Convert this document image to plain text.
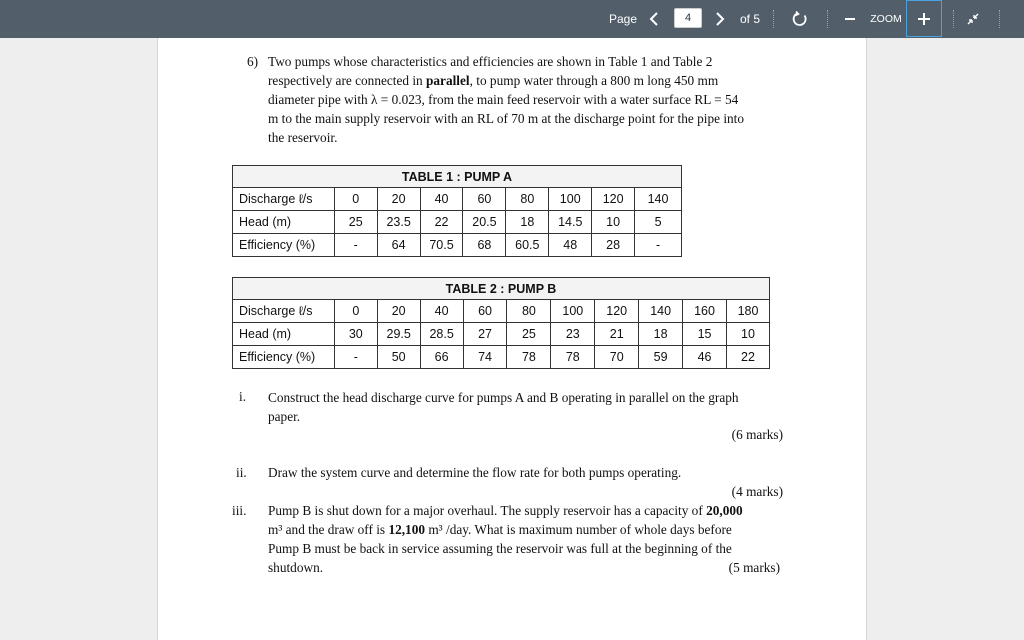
Page	4	of 5	ZOOM
6) Two pumps whose characteristics and efficiencies are shown in Table 1 and Table 2
respectively are connected in parallel, to pump water through a 800 m long 450 mm
diameter pipe with λ = 0.023, from the main feed reservoir with a water surface RL = 54
m to the main supply reservoir with an RL of 70 m at the discharge point for the pipe into
the reservoir.
TABLE 1 : PUMP A								
Discharge ℓ/s	0	20	40	60	80	100	120	140
Head (m)	25	23.5	22	20.5	18	14.5	10	5
Efficiency (%)	-	64	70.5	68	60.5	48	28	-
TABLE 2 : PUMP B										
Discharge ℓ/s	0	20	40	60	80	100	120	140	160	180
Head (m)	30	29.5	28.5	27	25	23	21	18	15	10
Efficiency (%)	-	50	66	74	78	78	70	59	46	22
i. Construct the head discharge curve for pumps A and B operating in parallel on the graph
paper.
(6 marks)
ii. Draw the system curve and determine the flow rate for both pumps operating.
(4 marks)
iii. Pump B is shut down for a major overhaul. The supply reservoir has a capacity of 20,000
m³ and the draw off is 12,100 m³ /day. What is maximum number of whole days before
Pump B must be back in service assuming the reservoir was full at the beginning of the
shutdown.	(5 marks)
